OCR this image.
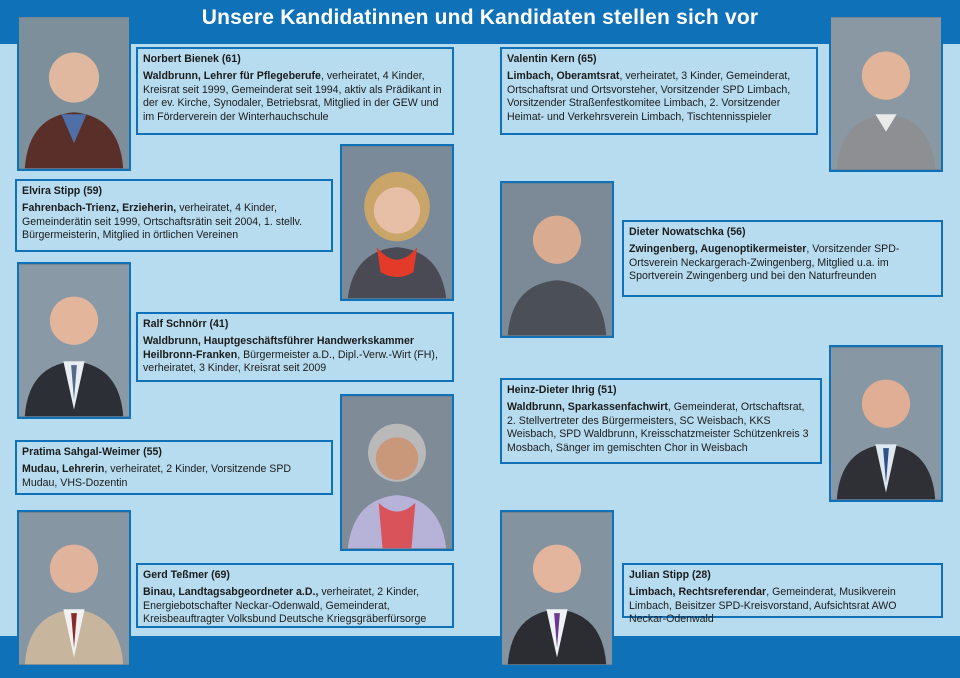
Unsere Kandidatinnen und Kandidaten stellen sich vor
Norbert Bienek (61)
Waldbrunn, Lehrer für Pflegeberufe, verheiratet, 4 Kinder, Kreisrat seit 1999, Gemeinderat seit 1994, aktiv als Prädikant in der ev. Kirche, Synodaler, Betriebsrat, Mitglied in der GEW und im Förderverein der Winterhauchschule
Elvira Stipp (59)
Fahrenbach-Trienz, Erzieherin, verheiratet, 4 Kinder, Gemeinderätin seit 1999, Ortschaftsrätin seit 2004, 1. stellv. Bürgermeisterin, Mitglied in örtlichen Vereinen
Ralf Schnörr (41)
Waldbrunn, Hauptgeschäftsführer Handwerkskammer Heilbronn-Franken, Bürgermeister a.D., Dipl.-Verw.-Wirt (FH), verheiratet, 3 Kinder, Kreisrat seit 2009
Pratima Sahgal-Weimer (55)
Mudau, Lehrerin, verheiratet, 2 Kinder, Vorsitzende SPD Mudau, VHS-Dozentin
Gerd Teßmer (69)
Binau, Landtagsabgeordneter a.D., verheiratet, 2 Kinder, Energiebotschafter Neckar-Odenwald, Gemeinderat, Kreisbeauftragter Volksbund Deutsche Kriegsgräberfürsorge
Valentin Kern (65)
Limbach, Oberamtsrat, verheiratet, 3 Kinder, Gemeinderat, Ortschaftsrat und Ortsvorsteher, Vorsitzender SPD Limbach, Vorsitzender Straßenfestkomitee Limbach, 2. Vorsitzender Heimat- und Verkehrsverein Limbach, Tischtennisspieler
Dieter Nowatschka (56)
Zwingenberg, Augenoptikermeister, Vorsitzender SPD-Ortsverein Neckargerach-Zwingenberg, Mitglied u.a. im Sportverein Zwingenberg und bei den Naturfreunden
Heinz-Dieter Ihrig (51)
Waldbrunn, Sparkassenfachwirt, Gemeinderat, Ortschaftsrat, 2. Stellvertreter des Bürgermeisters, SC Weisbach, KKS Weisbach, SPD Waldbrunn, Kreisschatzmeister Schützenkreis 3 Mosbach, Sänger im gemischten Chor in Weisbach
Julian Stipp (28)
Limbach, Rechtsreferendar, Gemeinderat, Musikverein Limbach, Beisitzer SPD-Kreisvorstand, Aufsichtsrat AWO Neckar-Odenwald
